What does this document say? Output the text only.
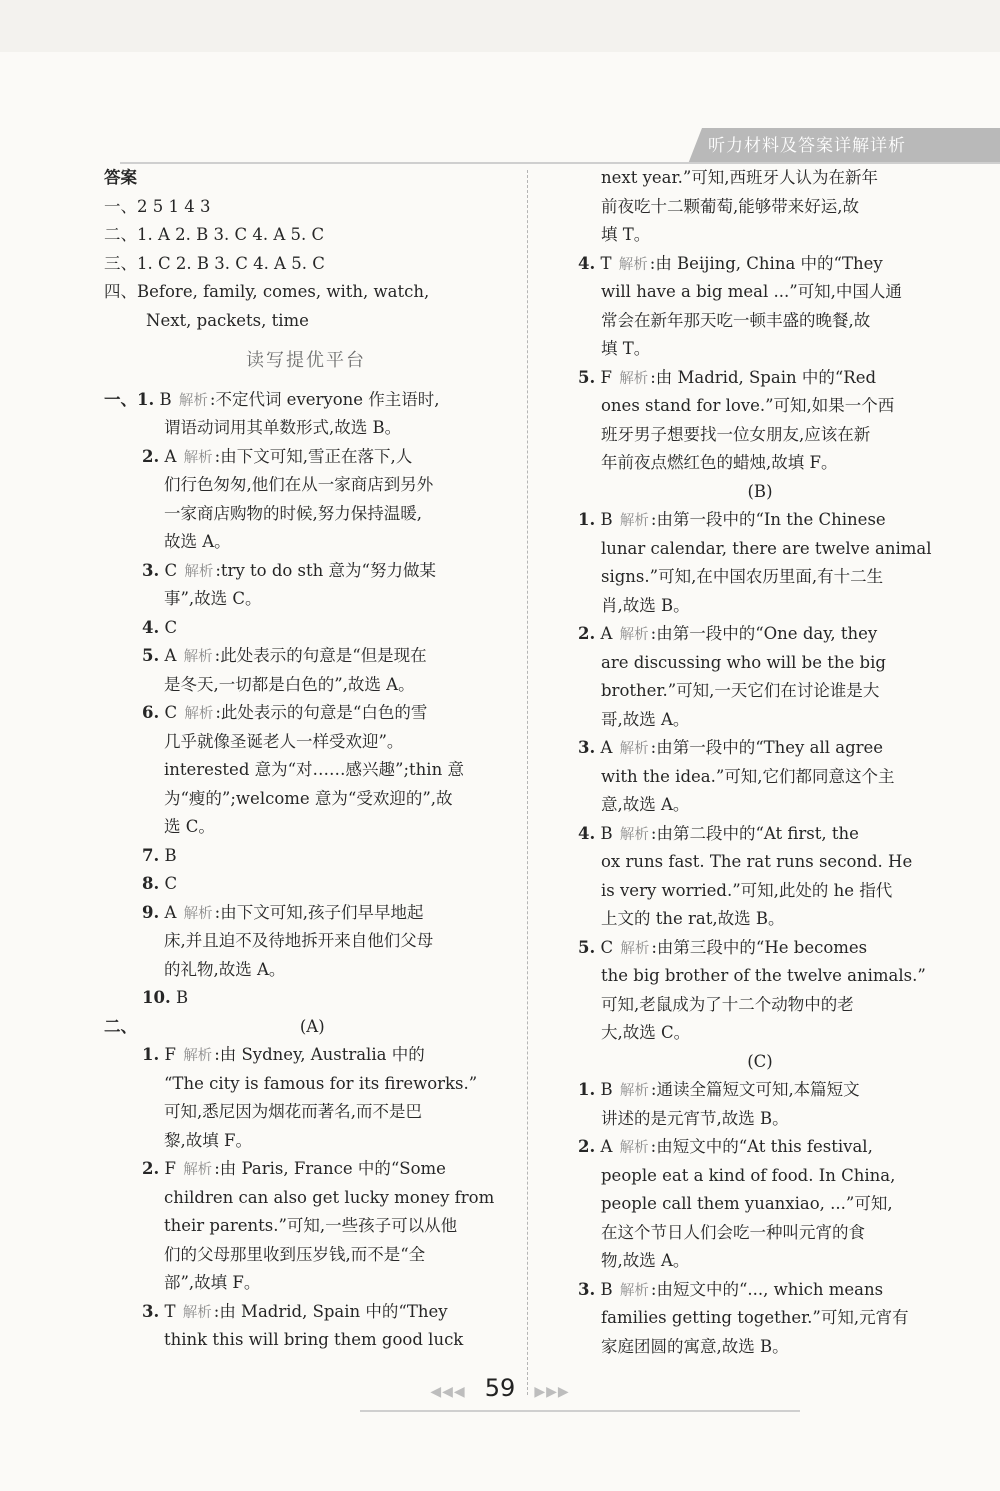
听力材料及答案详解详析
答案
一、2 5 1 4 3
二、1. A 2. B 3. C 4. A 5. C
三、1. C 2. B 3. C 4. A 5. C
四、Before, family, comes, with, watch,
Next, packets, time
读写提优平台
一、1. B 解析 :不定代词 everyone 作主语时,
谓语动词用其单数形式,故选 B。
2. A 解析 :由下文可知,雪正在落下,人
们行色匆匆,他们在从一家商店到另外
一家商店购物的时候,努力保持温暖,
故选 A。
3. C 解析 :try to do sth 意为“努力做某
事”,故选 C。
4. C
5. A 解析 :此处表示的句意是“但是现在
是冬天,一切都是白色的”,故选 A。
6. C 解析 :此处表示的句意是“白色的雪
几乎就像圣诞老人一样受欢迎”。
interested 意为“对……感兴趣”;thin 意
为“瘦的”;welcome 意为“受欢迎的”,故
选 C。
7. B
8. C
9. A 解析 :由下文可知,孩子们早早地起
床,并且迫不及待地拆开来自他们父母
的礼物,故选 A。
10. B
二、	(A)
1. F 解析 :由 Sydney, Australia 中的
“The city is famous for its fireworks.”
可知,悉尼因为烟花而著名,而不是巴
黎,故填 F。
2. F 解析 :由 Paris, France 中的“Some
children can also get lucky money from
their parents.”可知,一些孩子可以从他
们的父母那里收到压岁钱,而不是“全
部”,故填 F。
3. T 解析 :由 Madrid, Spain 中的“They
think this will bring them good luck
next year.”可知,西班牙人认为在新年
前夜吃十二颗葡萄,能够带来好运,故
填 T。
4. T 解析 :由 Beijing, China 中的“They
will have a big meal ...”可知,中国人通
常会在新年那天吃一顿丰盛的晚餐,故
填 T。
5. F 解析 :由 Madrid, Spain 中的“Red
ones stand for love.”可知,如果一个西
班牙男子想要找一位女朋友,应该在新
年前夜点燃红色的蜡烛,故填 F。
(B)
1. B 解析 :由第一段中的“In the Chinese
lunar calendar, there are twelve animal
signs.”可知,在中国农历里面,有十二生
肖,故选 B。
2. A 解析 :由第一段中的“One day, they
are discussing who will be the big
brother.”可知,一天它们在讨论谁是大
哥,故选 A。
3. A 解析 :由第一段中的“They all agree
with the idea.”可知,它们都同意这个主
意,故选 A。
4. B 解析 :由第二段中的“At first, the
ox runs fast. The rat runs second. He
is very worried.”可知,此处的 he 指代
上文的 the rat,故选 B。
5. C 解析 :由第三段中的“He becomes
the big brother of the twelve animals.”
可知,老鼠成为了十二个动物中的老
大,故选 C。
(C)
1. B 解析 :通读全篇短文可知,本篇短文
讲述的是元宵节,故选 B。
2. A 解析 :由短文中的“At this festival,
people eat a kind of food. In China,
people call them yuanxiao, ...”可知,
在这个节日人们会吃一种叫元宵的食
物,故选 A。
3. B 解析 :由短文中的“..., which means
families getting together.”可知,元宵有
家庭团圆的寓意,故选 B。
◀◀◀ 59 ▶▶▶
